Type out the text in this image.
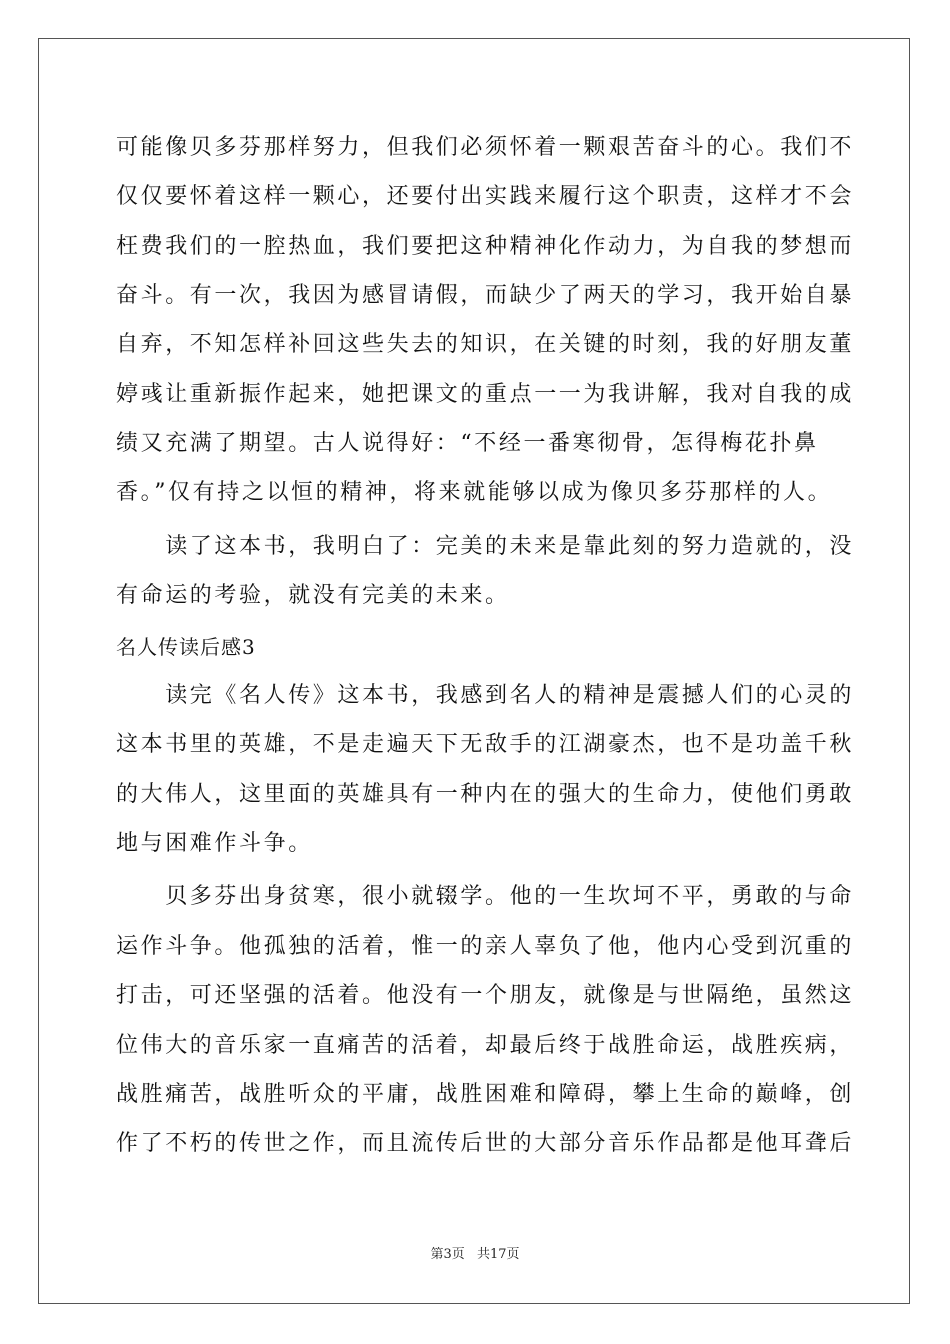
可能像贝多芬那样努力，但我们必须怀着一颗艰苦奋斗的心。我们不
仅仅要怀着这样一颗心，还要付出实践来履行这个职责，这样才不会
枉费我们的一腔热血，我们要把这种精神化作动力，为自我的梦想而
奋斗。有一次，我因为感冒请假，而缺少了两天的学习，我开始自暴
自弃，不知怎样补回这些失去的知识，在关键的时刻，我的好朋友董
婷彧让重新振作起来，她把课文的重点一一为我讲解，我对自我的成
绩又充满了期望。古人说得好：“不经一番寒彻骨，怎得梅花扑鼻
香。”仅有持之以恒的精神，将来就能够以成为像贝多芬那样的人。
　　读了这本书，我明白了：完美的未来是靠此刻的努力造就的，没
有命运的考验，就没有完美的未来。
名人传读后感3
　　读完《名人传》这本书，我感到名人的精神是震撼人们的心灵的
这本书里的英雄，不是走遍天下无敌手的江湖豪杰，也不是功盖千秋
的大伟人，这里面的英雄具有一种内在的强大的生命力，使他们勇敢
地与困难作斗争。
　　贝多芬出身贫寒，很小就辍学。他的一生坎坷不平，勇敢的与命
运作斗争。他孤独的活着，惟一的亲人辜负了他，他内心受到沉重的
打击，可还坚强的活着。他没有一个朋友，就像是与世隔绝，虽然这
位伟大的音乐家一直痛苦的活着，却最后终于战胜命运，战胜疾病，
战胜痛苦，战胜听众的平庸，战胜困难和障碍，攀上生命的巅峰，创
作了不朽的传世之作，而且流传后世的大部分音乐作品都是他耳聋后
第3页 共17页
